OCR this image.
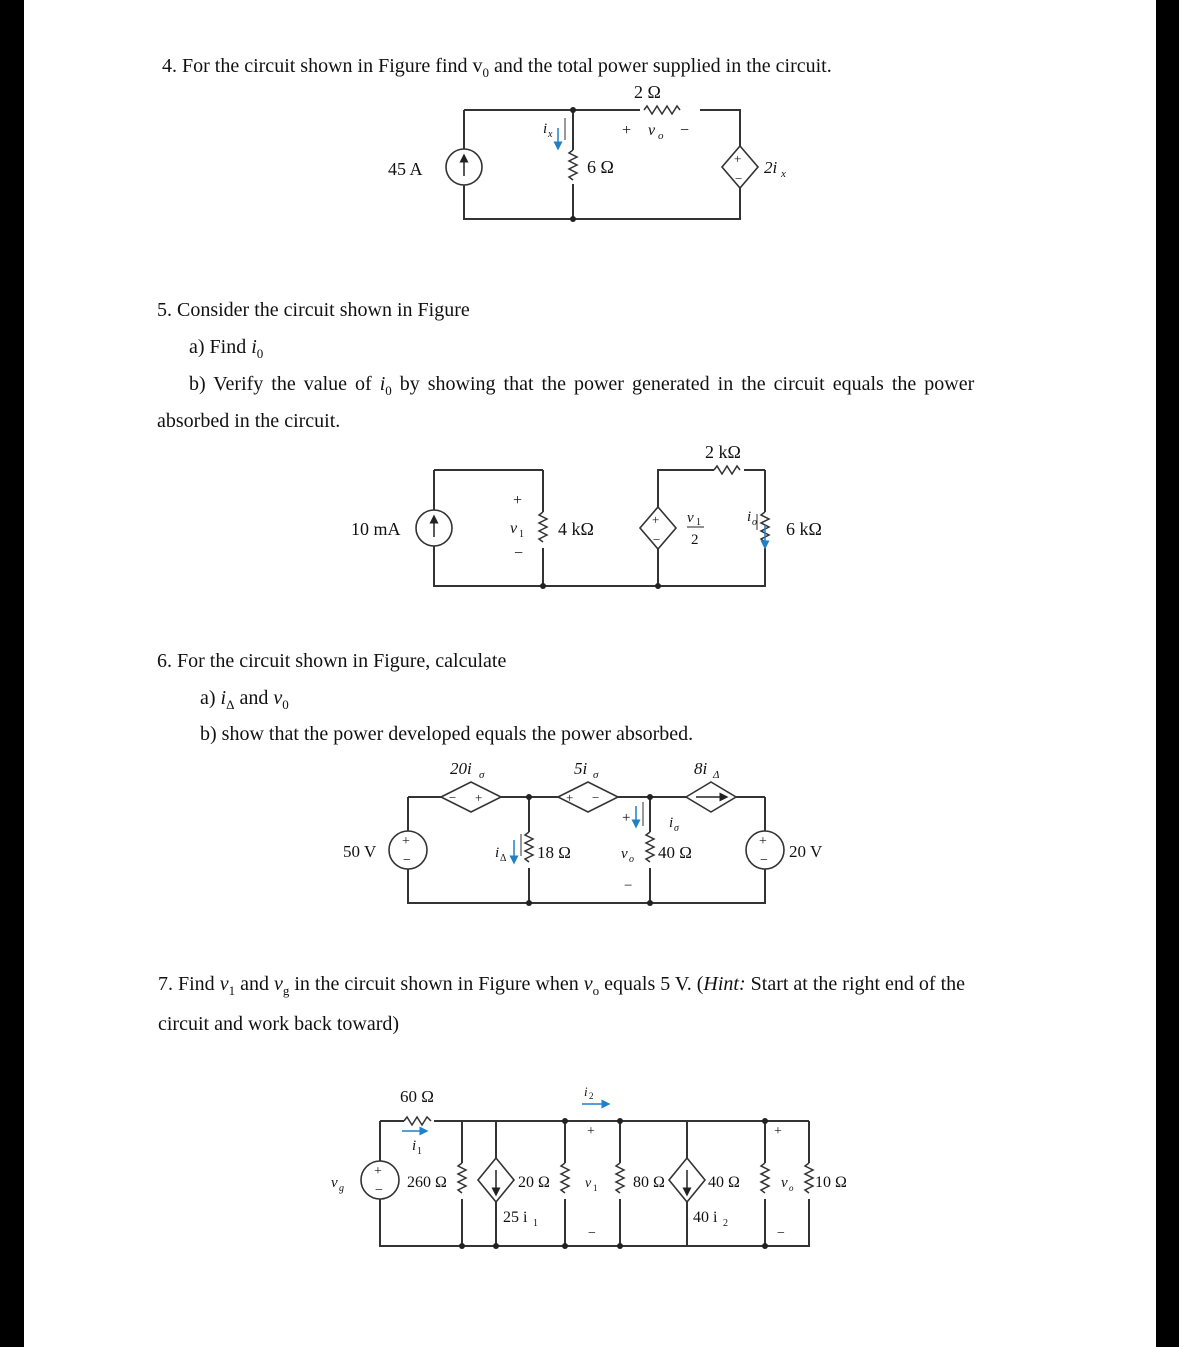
4. For the circuit shown in Figure find $v_0$ and the total power supplied in the circuit.
5. Consider the circuit shown in Figure
a) Find $i_0$
b) Verify the value of $i_0$ by showing that the power generated in the circuit equals the power
absorbed in the circuit.
6. For the circuit shown in Figure, calculate
a) $i_\Delta$ and $v_0$
b) show that the power developed equals the power absorbed.
7. Find $v_1$ and $v_g$ in the circuit shown in Figure when $v_o$ equals 5 V. (Hint: Start at the right end of the
circuit and work back toward)
+
−
2 Ω
+ v o −
i x
6 Ω
45 A	2i x
+
−
10 mA
+
v 1
−
4 kΩ
2 kΩ
v 1
2
i o 6 kΩ
− +	+ −
+
−
+
−
20i σ	5i σ	8i Δ
50 V	i Δ 18 Ω
+
v o
−
i σ
40 Ω	20 V
+
−
60 Ω
i 1
v g	260 Ω	20 Ω
25 i 1
i 2
+
v 1
−
80 Ω	40 Ω
40 i 2
+
v o
−
10 Ω
